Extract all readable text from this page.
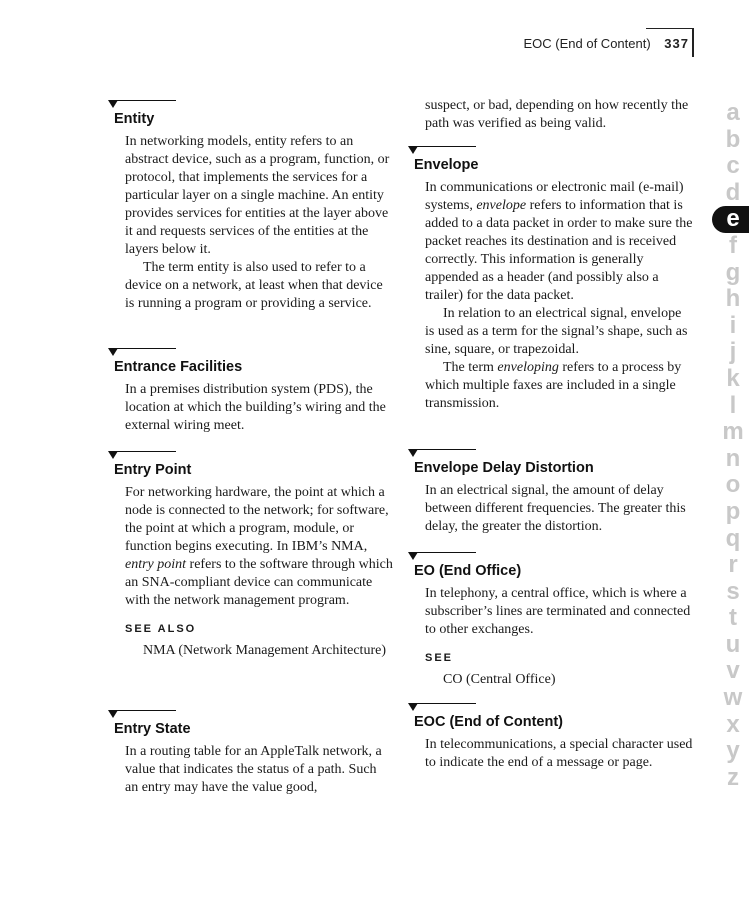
EOC (End of Content) 337
Entity

In networking models, entity refers to an abstract device, such as a program, function, or protocol, that implements the services for a particular layer on a single machine. An entity provides services for entities at the layer above it and requests services of the entities at the layers below it.

The term entity is also used to refer to a device on a network, at least when that device is running a program or providing a service.

Entrance Facilities

In a premises distribution system (PDS), the location at which the building’s wiring and the external wiring meet.

Entry Point

For networking hardware, the point at which a node is connected to the network; for software, the point at which a program, module, or function begins executing. In IBM’s NMA, entry point refers to the software through which an SNA-compliant device can communicate with the network management program.

SEE ALSO
NMA (Network Management Architecture)
Entry State

In a routing table for an AppleTalk network, a value that indicates the status of a path. Such an entry may have the value good,

suspect, or bad, depending on how recently the path was verified as being valid.

Envelope

In communications or electronic mail (e-mail) systems, envelope refers to information that is added to a data packet in order to make sure the packet reaches its destination and is received correctly. This information is generally appended as a header (and possibly also a trailer) for the data packet.

In relation to an electrical signal, envelope is used as a term for the signal’s shape, such as sine, square, or trapezoidal.

The term enveloping refers to a process by which multiple faxes are included in a single transmission.

Envelope Delay Distortion

In an electrical signal, the amount of delay between different frequencies. The greater this delay, the greater the distortion.

EO (End Office)

In telephony, a central office, which is where a subscriber’s lines are terminated and connected to other exchanges.

SEE
CO (Central Office)
EOC (End of Content)

In telecommunications, a special character used to indicate the end of a message or page.

a
b
c
d
e
f
g
h
i
j
k
l
m
n
o
p
q
r
s
t
u
v
w
x
y
z
